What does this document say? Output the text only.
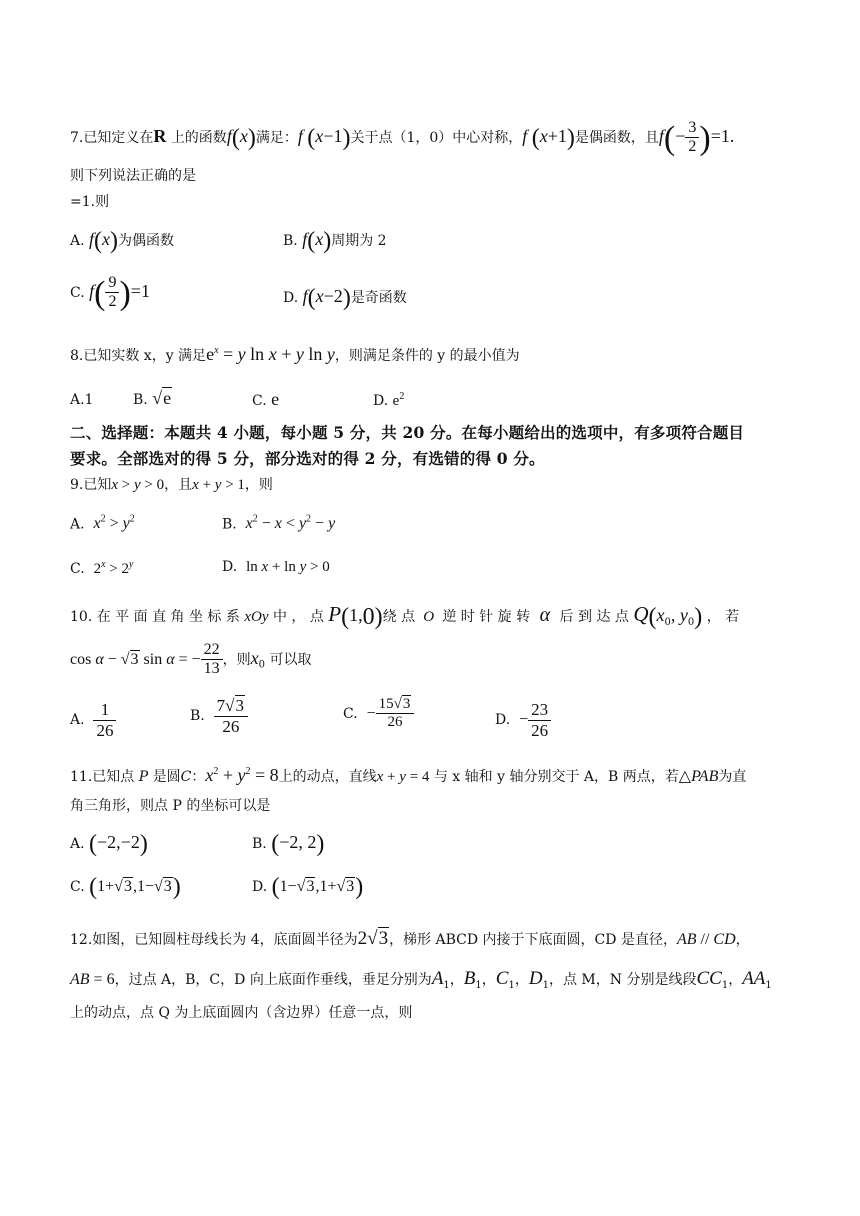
7.已知定义在R 上的函数f(x)满足：f (x−1)关于点（1，0）中心对称，f (x+1)是偶函数，且$f(- \frac{3}{2} )=1$.
则下列说法正确的是
=1.则
A. f(x)为偶函数	B. f(x)周期为 2
C. $f( \frac{9}{2} )=1$	D. f(x−2)是奇函数
8.已知实数 x，y 满足$e^x = y$ ln x + y ln y，则满足条件的 y 的最小值为
A.1	B. √e	C. e	D. $e^2$
二、选择题：本题共 4 小题，每小题 5 分，共 20 分。在每小题给出的选项中，有多项符合题目
要求。全部选对的得 5 分，部分选对的得 2 分，有选错的得 0 分。
9.已知x > y > 0，且x + y > 1，则
A. $x^2 > y^2$	B. $x^2 - x < y^2 - y$
C. $2^x > 2^y$	D. ln x + ln y > 0
10. 在 平 面 直 角 坐 标 系 xOy 中 ， 点 P(1,0)绕 点  O  逆 时 针 旋 转  α  后 到 达 点 $Q(x_0$, $y_0$) ， 若
cos α − √3 sin α = − $\frac{22}{13}$ ，则$x_0$ 可以取
A. $\frac{1}{26}$	B. $\frac{7√3}{26}$	C. − $\frac{15√3}{26}$	D. − $\frac{23}{26}$
11.已知点 P 是圆C：$x^2 + y^2 = 8$上的动点，直线x + y = 4 与 x 轴和 y 轴分别交于 A，B 两点，若△PAB为直
角三角形，则点 P 的坐标可以是
A. (−2,−2)	B. (−2, 2)
C. (1+√3,1−√3)	D. (1−√3,1+√3)
12.如图，已知圆柱母线长为 4，底面圆半径为2√3，梯形 ABCD 内接于下底面圆，CD 是直径，AB // CD，
AB = 6，过点 A，B，C，D 向上底面作垂线，垂足分别为$A_1$，$B_1$，$C_1$，$D_1$，点 M，N 分别是线段$CC_1$，$AA_1$
上的动点，点 Q 为上底面圆内（含边界）任意一点，则
